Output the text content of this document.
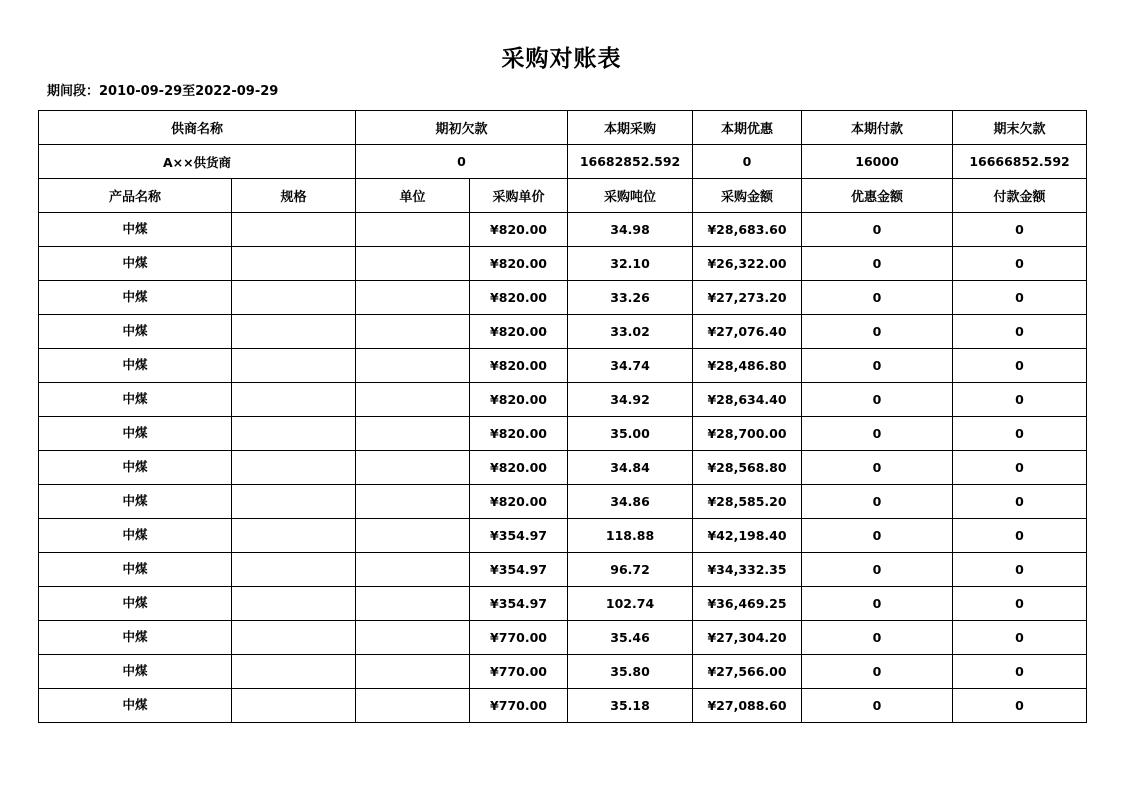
采购对账表
期间段：2010-09-29至2022-09-29
供商名称		期初欠款		本期采购	本期优惠	本期付款	期末欠款
A××供货商		0		16682852.592	0	16000	16666852.592
产品名称	规格	单位	采购单价	采购吨位	采购金额	优惠金额	付款金额
中煤			¥820.00	34.98	¥28,683.60	0	0
中煤			¥820.00	32.10	¥26,322.00	0	0
中煤			¥820.00	33.26	¥27,273.20	0	0
中煤			¥820.00	33.02	¥27,076.40	0	0
中煤			¥820.00	34.74	¥28,486.80	0	0
中煤			¥820.00	34.92	¥28,634.40	0	0
中煤			¥820.00	35.00	¥28,700.00	0	0
中煤			¥820.00	34.84	¥28,568.80	0	0
中煤			¥820.00	34.86	¥28,585.20	0	0
中煤			¥354.97	118.88	¥42,198.40	0	0
中煤			¥354.97	96.72	¥34,332.35	0	0
中煤			¥354.97	102.74	¥36,469.25	0	0
中煤			¥770.00	35.46	¥27,304.20	0	0
中煤			¥770.00	35.80	¥27,566.00	0	0
中煤			¥770.00	35.18	¥27,088.60	0	0
